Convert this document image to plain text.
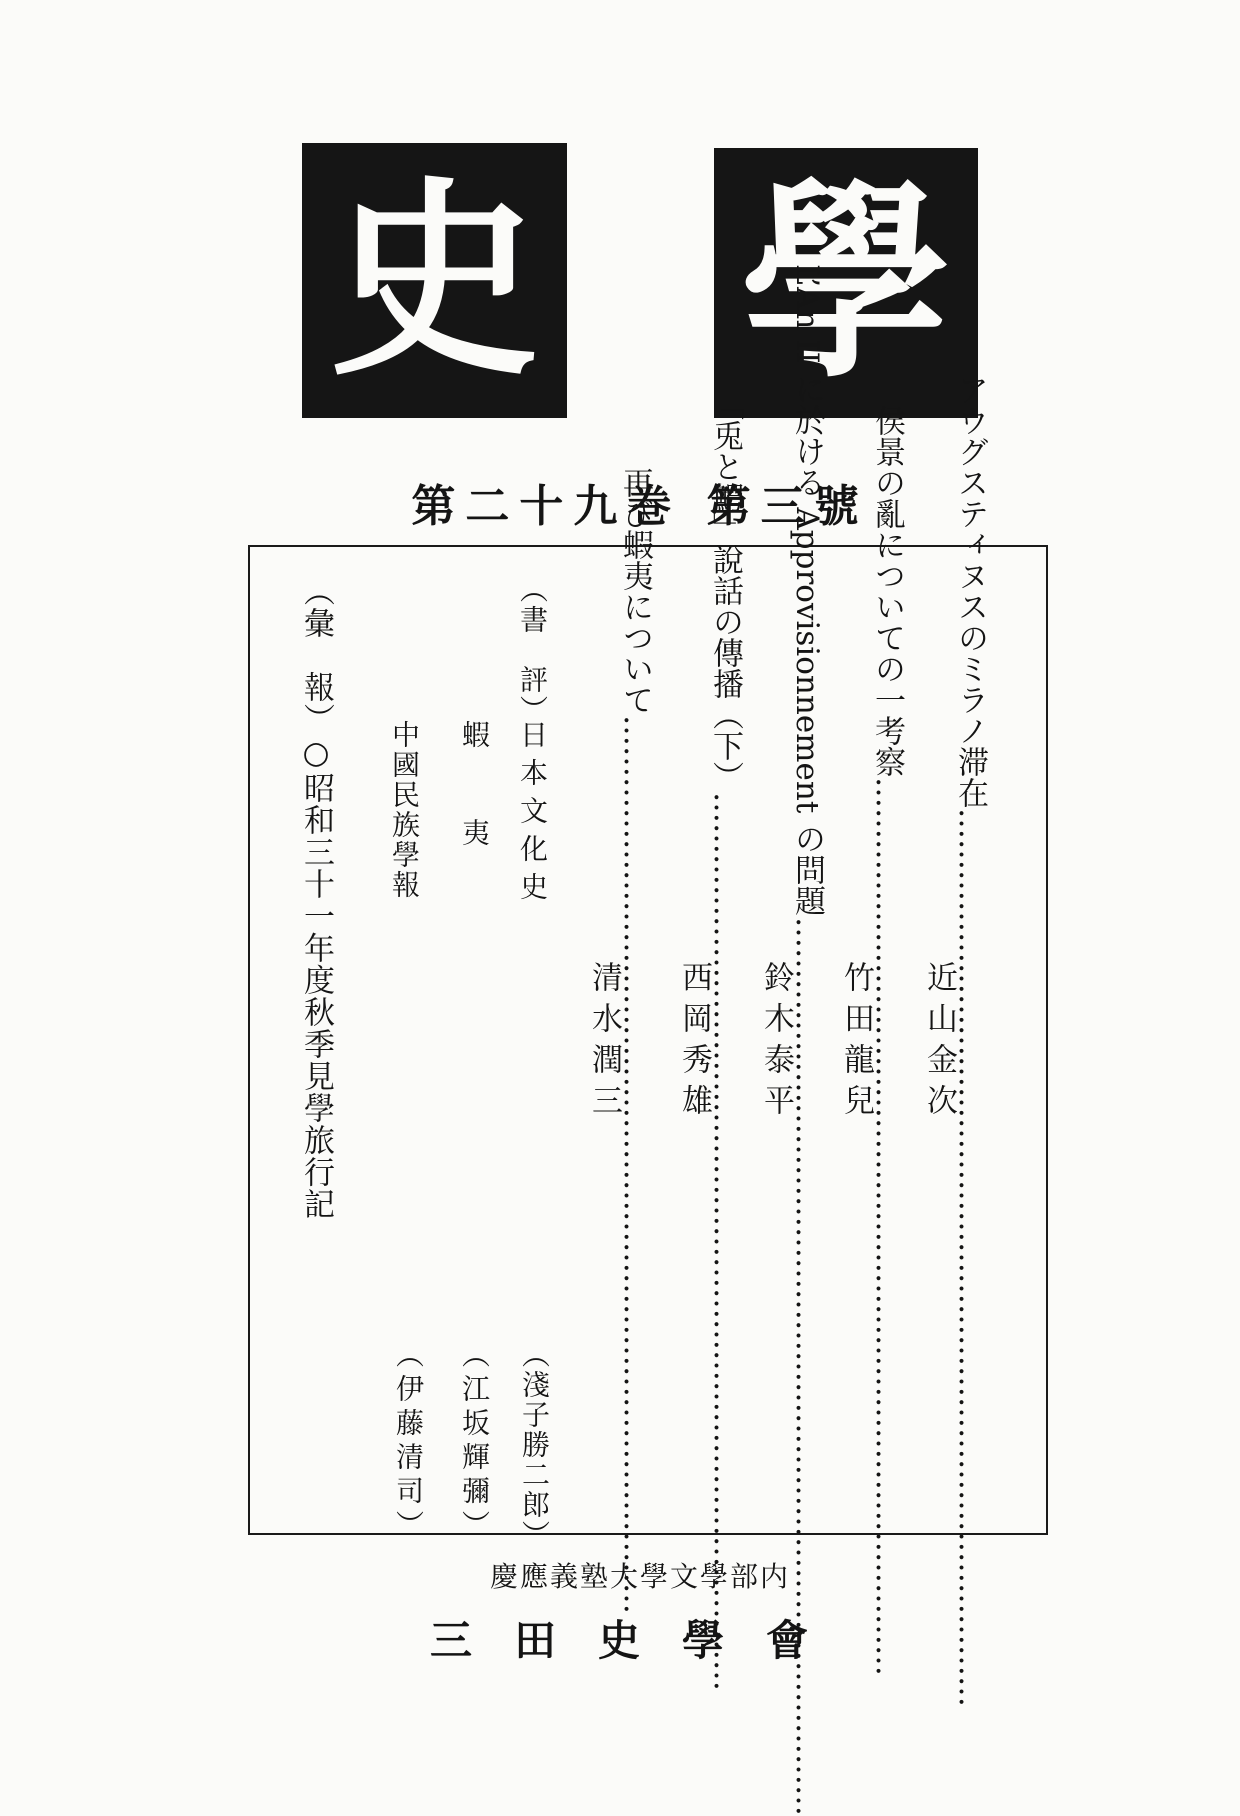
史 學
第二十九巻 第三號	アウグスティヌスのミラノ滞在 ……………………………………………………………………………
近山金次
侯景の亂についての一考察 ……………………………………………………………………………
竹田龍兒
L’An II に於ける Approvisionnement の問題 ……………………………………………………………………………
鈴木泰平
「兎と鰐」說話の傳播（下） ……………………………………………………………………………
西岡秀雄
再び蝦夷について ……………………………………………………………………………
清水潤三
（書　評）
日本文化史
蝦夷
中國民族學報
（淺子勝二郎）
（江坂輝彌）
（伊藤清司）
（彙　報）○昭和三十一年度秋季見學旅行記
慶應義塾大學文學部内
三田史學會
